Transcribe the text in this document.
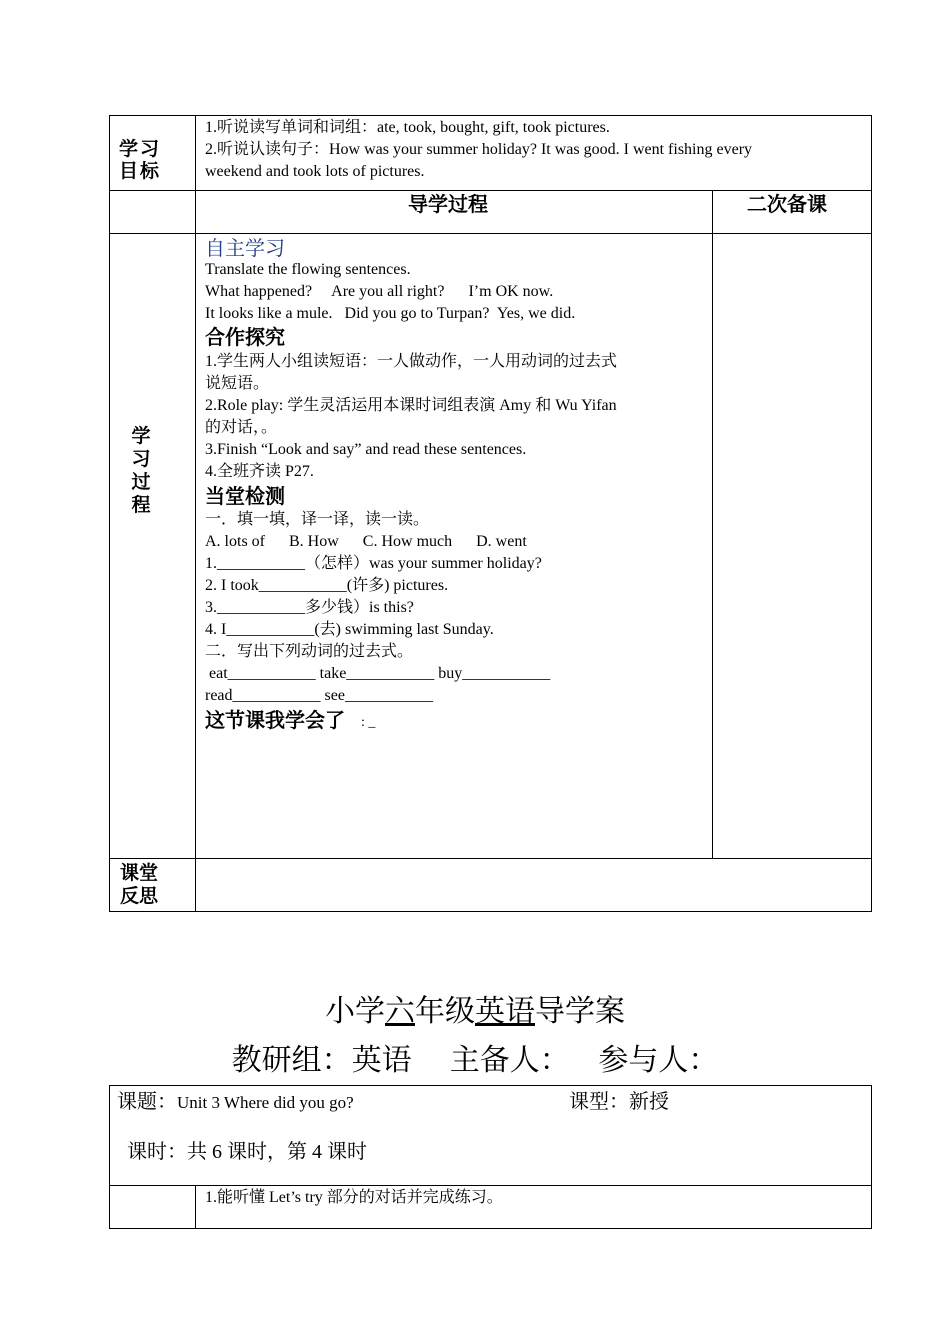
学习目标
1.听说读写单词和词组：ate, took, bought, gift, took pictures.
2.听说认读句子：How was your summer holiday? It was good. I went fishing every
weekend and took lots of pictures.
导学过程	二次备课
学习过程
自主学习
Translate the flowing sentences.
What happened?     Are you all right?      I’m OK now.
It looks like a mule.   Did you go to Turpan?  Yes, we did.
合作探究
1.学生两人小组读短语：一人做动作，一人用动词的过去式
说短语。
2.Role play: 学生灵活运用本课时词组表演 Amy 和 Wu Yifan
的对话，。
3.Finish “Look and say” and read these sentences.
4.全班齐读 P27.
当堂检测
一．填一填，译一译，读一读。
A. lots of      B. How      C. How much      D. went
1.___________（怎样）was your summer holiday?
2. I took___________(许多) pictures.
3.___________多少钱）is this?
4. I___________(去) swimming last Sunday.
二．写出下列动词的过去式。
eat___________ take___________ buy___________
read___________ see___________
这节课我学会了 : _
课堂反思
小学六年级英语导学案
教研组：英语    主备人：   参与人：
课题：Unit 3 Where did you go?	课型：新授

课时：共 6 课时，第 4 课时

1.能听懂 Let’s try 部分的对话并完成练习。
